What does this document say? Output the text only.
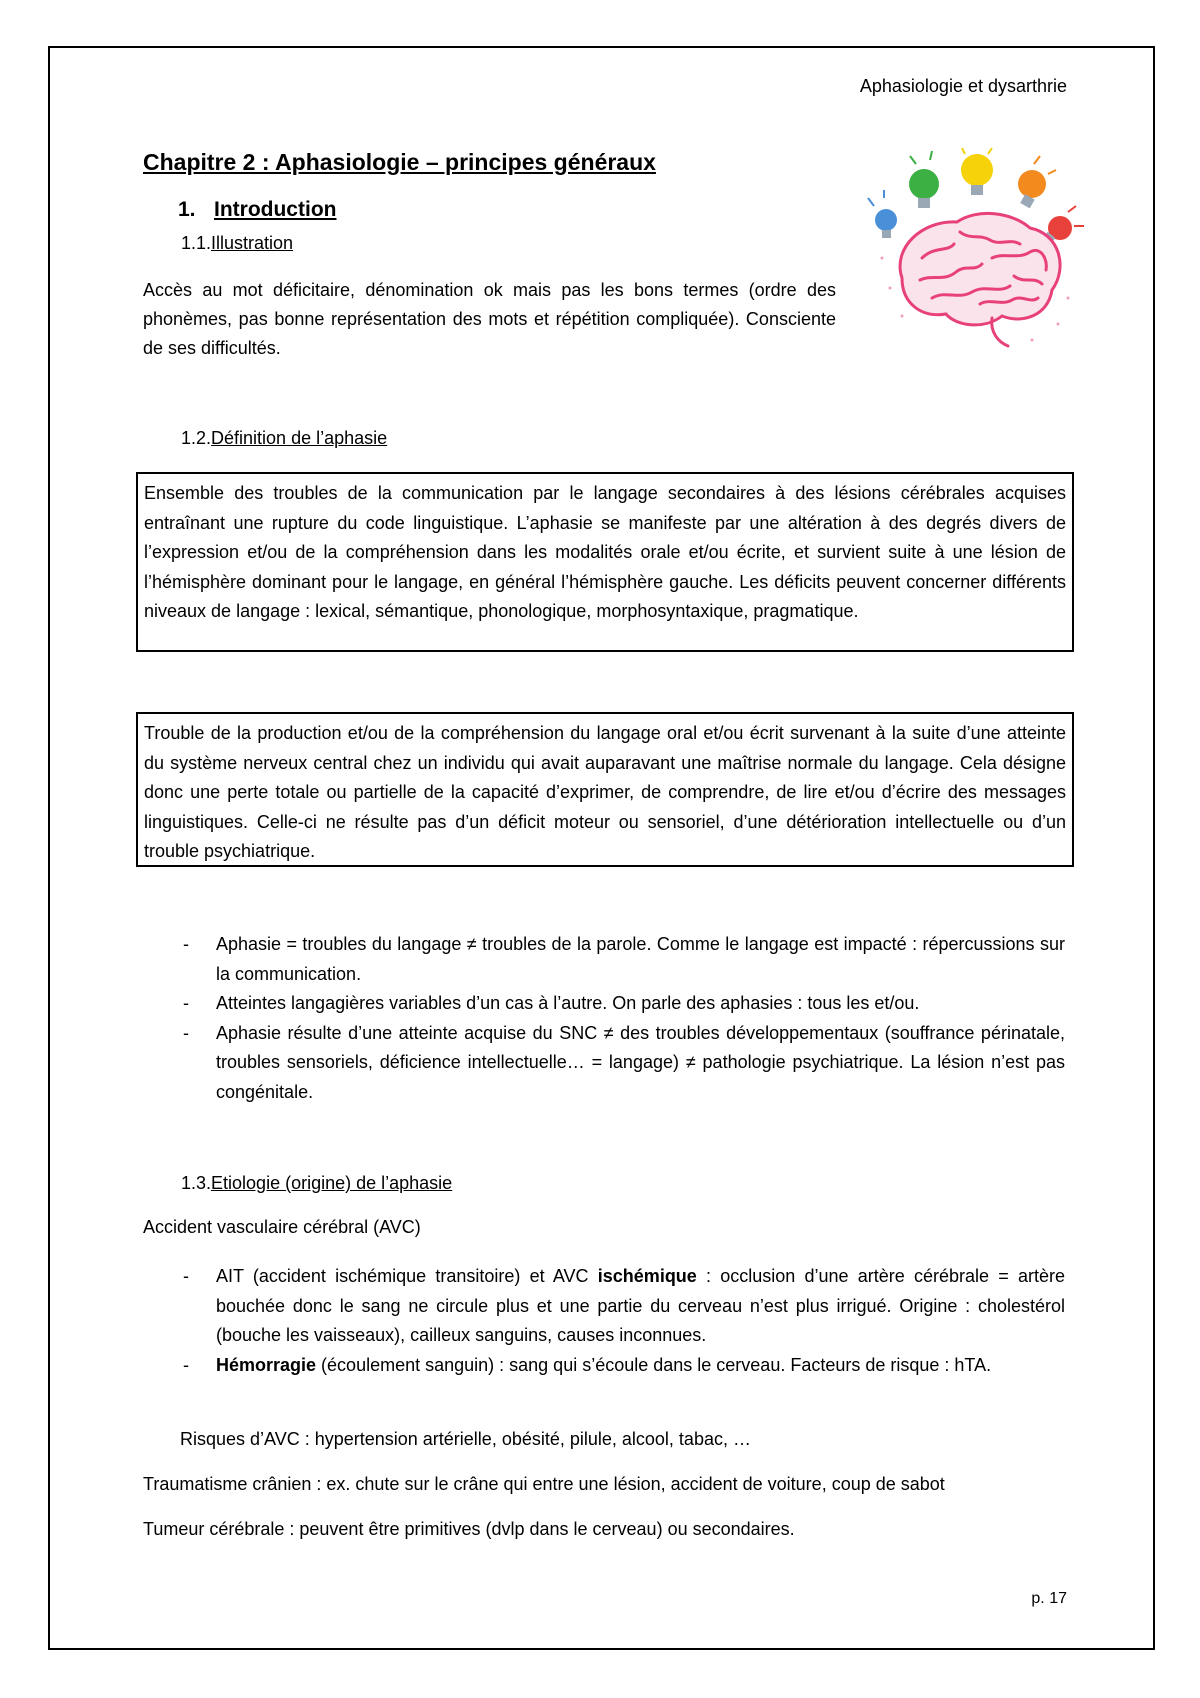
Aphasiologie et dysarthrie
Chapitre 2 : Aphasiologie – principes généraux
1. Introduction
1.1.Illustration

Accès au mot déficitaire, dénomination ok mais pas les bons termes (ordre des phonèmes, pas bonne représentation des mots et répétition compliquée). Consciente de ses difficultés.

1.2.Définition de l’aphasie
Ensemble des troubles de la communication par le langage secondaires à des lésions cérébrales acquises entraînant une rupture du code linguistique. L’aphasie se manifeste par une altération à des degrés divers de l’expression et/ou de la compréhension dans les modalités orale et/ou écrite, et survient suite à une lésion de l’hémisphère dominant pour le langage, en général l’hémisphère gauche. Les déficits peuvent concerner différents niveaux de langage : lexical, sémantique, phonologique, morphosyntaxique, pragmatique.
Trouble de la production et/ou de la compréhension du langage oral et/ou écrit survenant à la suite d’une atteinte du système nerveux central chez un individu qui avait auparavant une maîtrise normale du langage. Cela désigne donc une perte totale ou partielle de la capacité d’exprimer, de comprendre, de lire et/ou d’écrire des messages linguistiques. Celle-ci ne résulte pas d’un déficit moteur ou sensoriel, d’une détérioration intellectuelle ou d’un trouble psychiatrique.
- Aphasie = troubles du langage ≠ troubles de la parole. Comme le langage est impacté : répercussions sur la communication.
- Atteintes langagières variables d’un cas à l’autre. On parle des aphasies : tous les et/ou.
- Aphasie résulte d’une atteinte acquise du SNC ≠ des troubles développementaux (souffrance périnatale, troubles sensoriels, déficience intellectuelle… = langage) ≠ pathologie psychiatrique. La lésion n’est pas congénitale.
1.3.Etiologie (origine) de l’aphasie

Accident vasculaire cérébral (AVC)

- AIT (accident ischémique transitoire) et AVC ischémique : occlusion d’une artère cérébrale = artère bouchée donc le sang ne circule plus et une partie du cerveau n’est plus irrigué. Origine : cholestérol (bouche les vaisseaux), cailleux sanguins, causes inconnues.
- Hémorragie (écoulement sanguin) : sang qui s’écoule dans le cerveau. Facteurs de risque : hTA.

Risques d’AVC : hypertension artérielle, obésité, pilule, alcool, tabac, …

Traumatisme crânien : ex. chute sur le crâne qui entre une lésion, accident de voiture, coup de sabot

Tumeur cérébrale : peuvent être primitives (dvlp dans le cerveau) ou secondaires.

p. 17
